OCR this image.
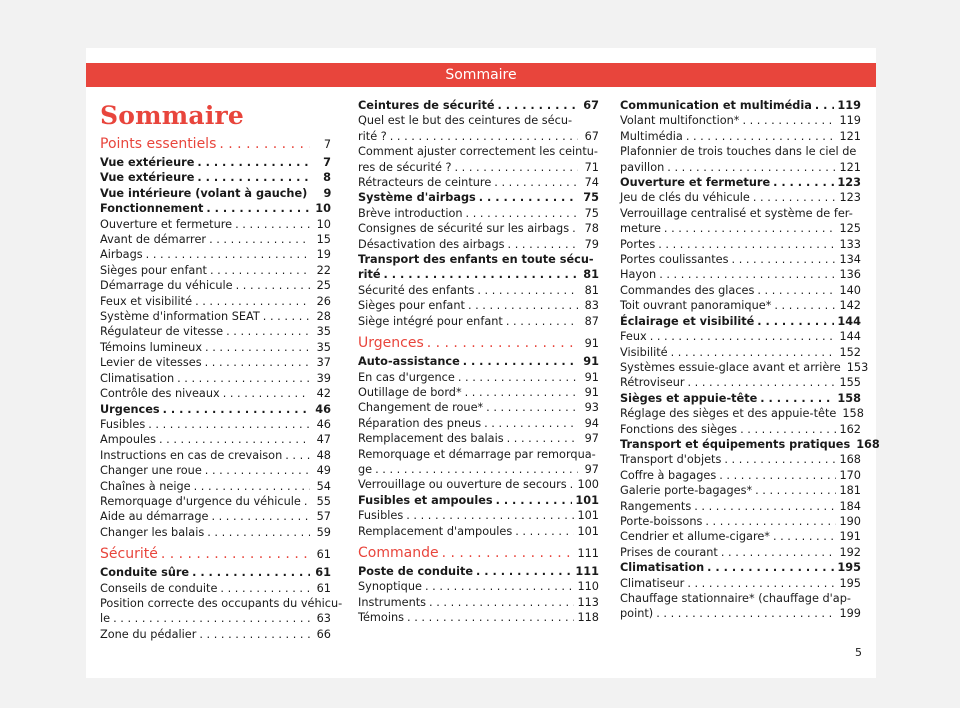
Sommaire
Sommaire
Points essentiels . . .	7
Vue extérieure . . .	7
Vue extérieure . . .	8
Vue intérieure (volant à gauche)	9
Fonctionnement . . .	10
Ouverture et fermeture . . .	10
Avant de démarrer . . .	15
Airbags . . .	19
Sièges pour enfant . . .	22
Démarrage du véhicule . . .	25
Feux et visibilité . . .	26
Système d'information SEAT . . .	28
Régulateur de vitesse . . .	35
Témoins lumineux . . .	35
Levier de vitesses . . .	37
Climatisation . . .	39
Contrôle des niveaux . . .	42
Urgences . . .	46
Fusibles . . .	46
Ampoules . . .	47
Instructions en cas de crevaison . . .	48
Changer une roue . . .	49
Chaînes à neige . . .	54
Remorquage d'urgence du véhicule . . .	55
Aide au démarrage . . .	57
Changer les balais . . .	59
Sécurité . . .	61
Conduite sûre . . .	61
Conseils de conduite . . .	61
Position correcte des occupants du véhicu-
le . . .	63
Zone du pédalier . . .	66
Ceintures de sécurité . . .	67
Quel est le but des ceintures de sécu-
rité ? . . .	67
Comment ajuster correctement les ceintu-
res de sécurité ? . . .	71
Rétracteurs de ceinture . . .	74
Système d'airbags . . .	75
Brève introduction . . .	75
Consignes de sécurité sur les airbags . . .	78
Désactivation des airbags . . .	79
Transport des enfants en toute sécu-
rité . . .	81
Sécurité des enfants . . .	81
Sièges pour enfant . . .	83
Siège intégré pour enfant . . .	87
Urgences . . .	91
Auto-assistance . . .	91
En cas d'urgence . . .	91
Outillage de bord* . . .	91
Changement de roue* . . .	93
Réparation des pneus . . .	94
Remplacement des balais . . .	97
Remorquage et démarrage par remorqua-
ge . . .	97
Verrouillage ou ouverture de secours . . . 100
Fusibles et ampoules . . .	101
Fusibles . . .	101
Remplacement d'ampoules . . .	101
Commande . . .	111
Poste de conduite . . .	111
Synoptique . . .	110
Instruments . . .	113
Témoins . . .	118
Communication et multimédia . . . 119
Volant multifonction* . . .	119
Multimédia . . .	121
Plafonnier de trois touches dans le ciel de
pavillon . . .	121
Ouverture et fermeture . . .	123
Jeu de clés du véhicule . . .	123
Verrouillage centralisé et système de fer-
meture . . .	125
Portes . . .	133
Portes coulissantes . . .	134
Hayon . . .	136
Commandes des glaces . . .	140
Toit ouvrant panoramique* . . .	142
Éclairage et visibilité . . .	144
Feux . . .	144
Visibilité . . .	152
Systèmes essuie-glace avant et arrière 153
Rétroviseur . . .	155
Sièges et appuie-tête . . .	158
Réglage des sièges et des appuie-tête 158
Fonctions des sièges . . .	162
Transport et équipements pratiques 168
Transport d'objets . . .	168
Coffre à bagages . . .	170
Galerie porte-bagages* . . .	181
Rangements . . .	184
Porte-boissons . . .	190
Cendrier et allume-cigare* . . .	191
Prises de courant . . .	192
Climatisation . . .	195
Climatiseur . . .	195
Chauffage stationnaire* (chauffage d'ap-
point) . . .	199
5
